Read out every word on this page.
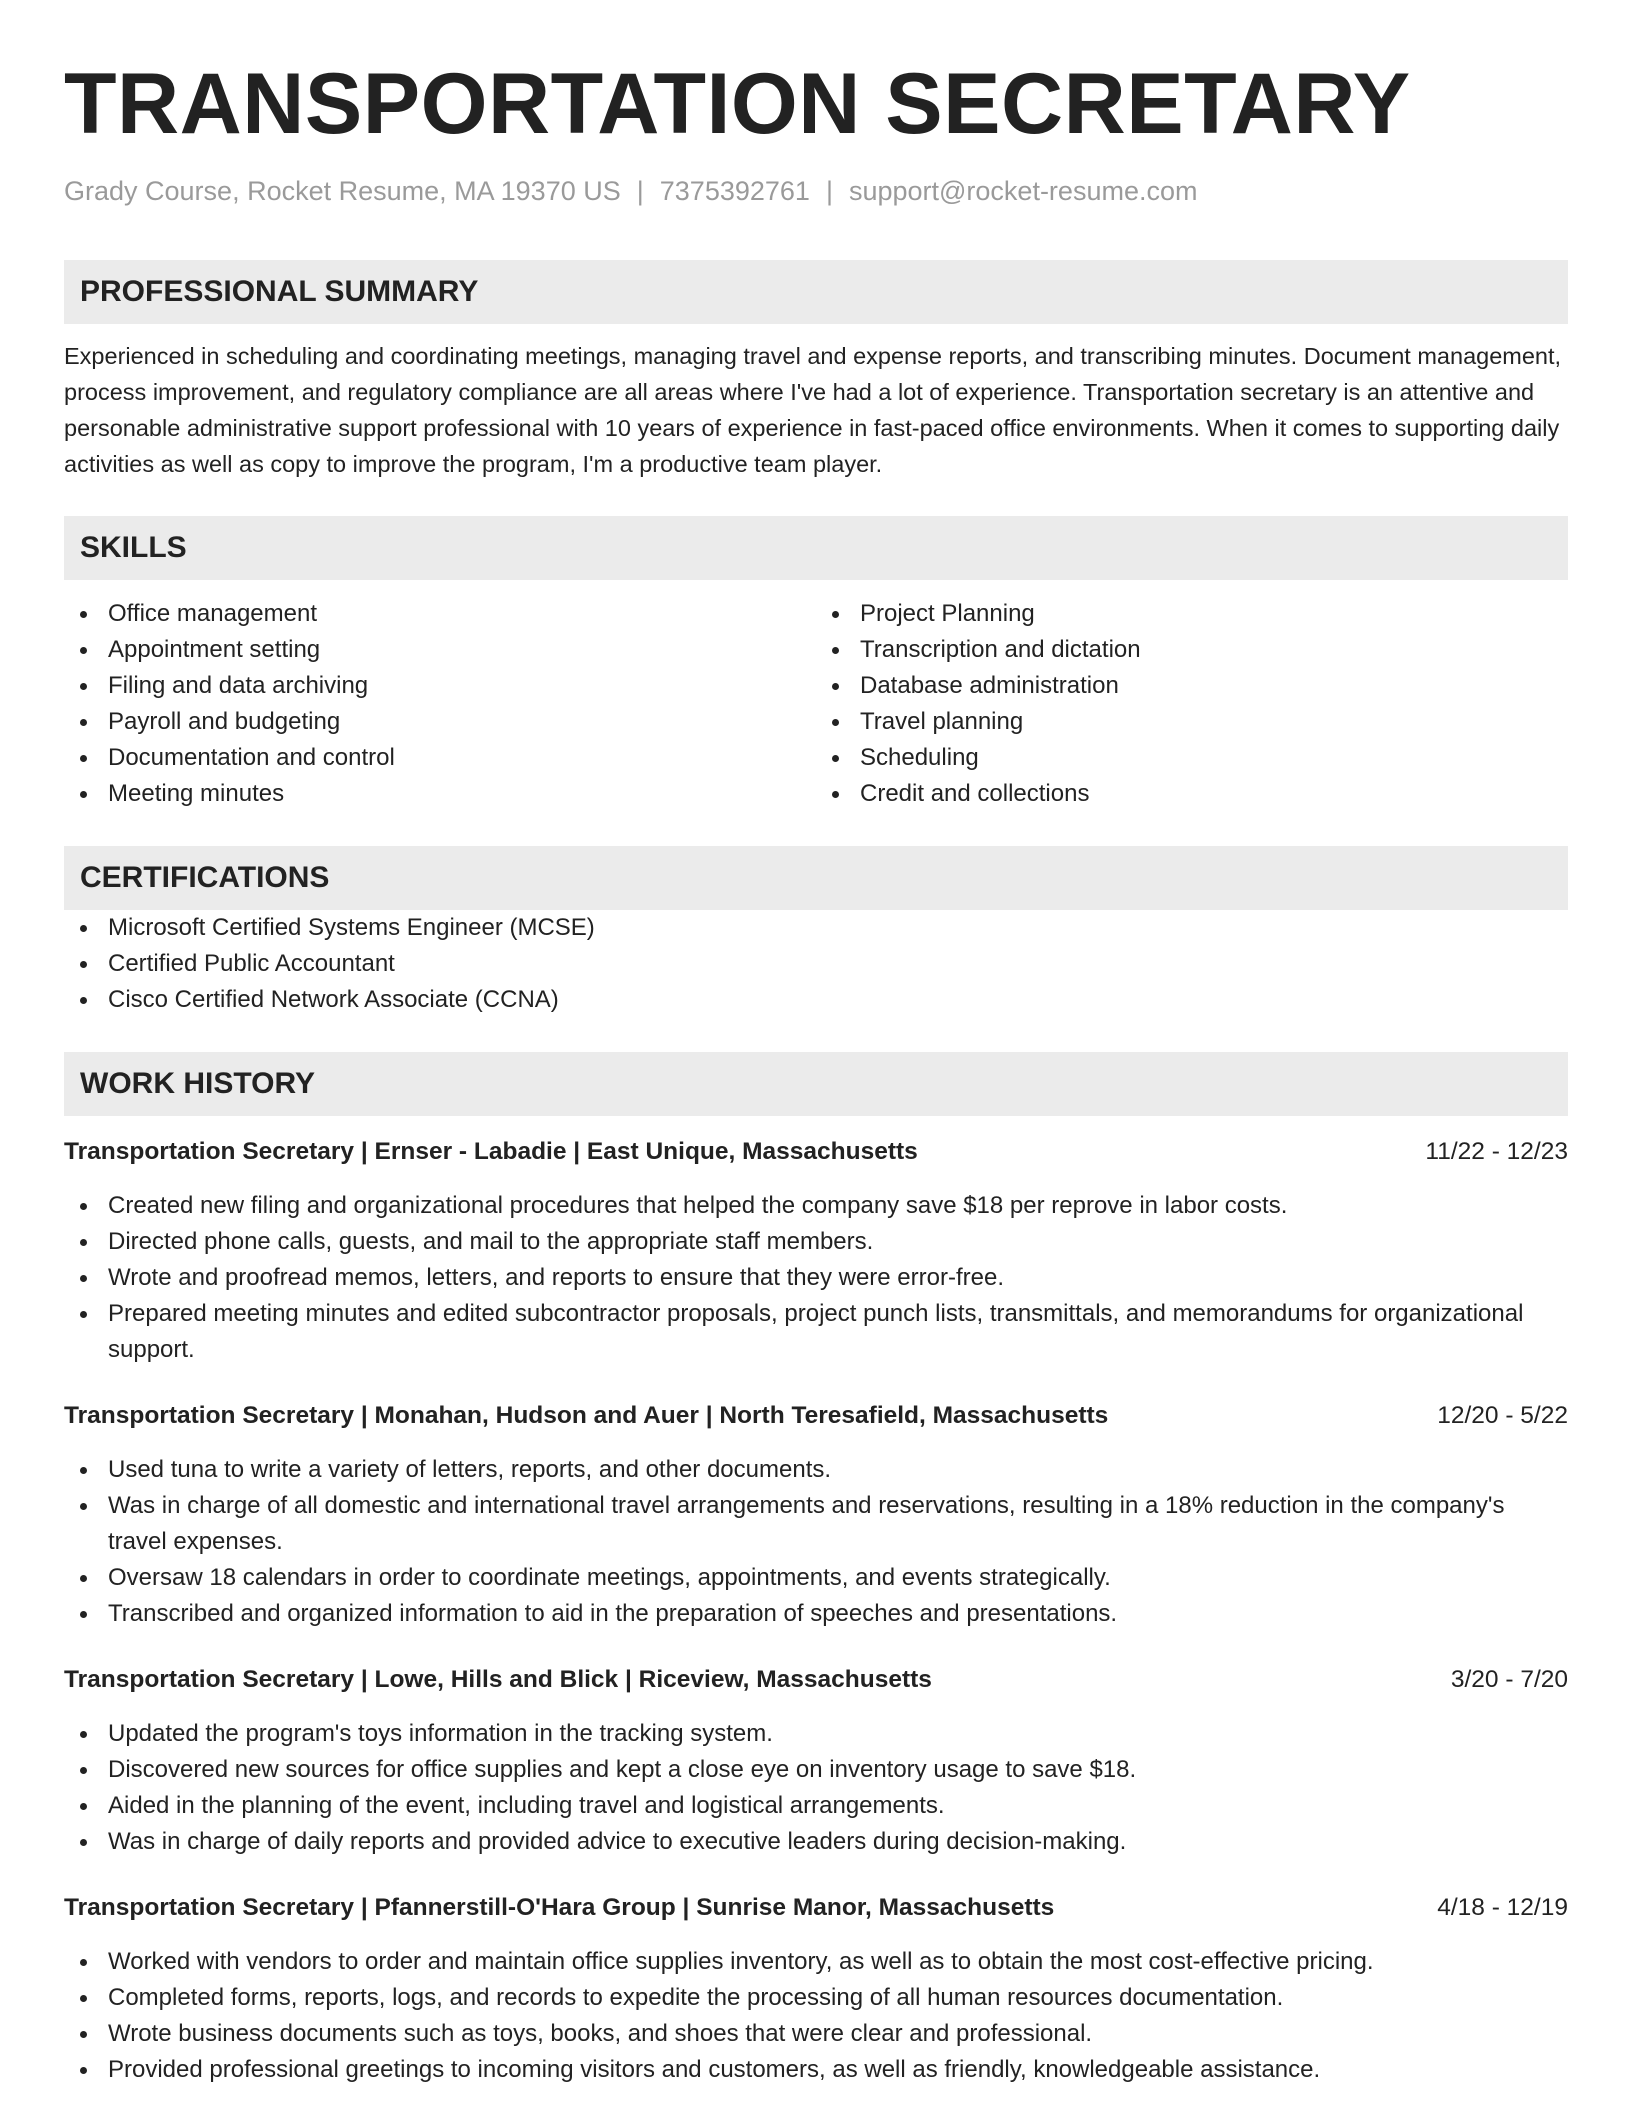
TRANSPORTATION SECRETARY
Grady Course, Rocket Resume, MA 19370 US | 7375392761 | support@rocket-resume.com
PROFESSIONAL SUMMARY
Experienced in scheduling and coordinating meetings, managing travel and expense reports, and transcribing minutes. Document management, process improvement, and regulatory compliance are all areas where I've had a lot of experience. Transportation secretary is an attentive and personable administrative support professional with 10 years of experience in fast-paced office environments. When it comes to supporting daily activities as well as copy to improve the program, I'm a productive team player.
SKILLS
Office management
Appointment setting
Filing and data archiving
Payroll and budgeting
Documentation and control
Meeting minutes
Project Planning
Transcription and dictation
Database administration
Travel planning
Scheduling
Credit and collections
CERTIFICATIONS
Microsoft Certified Systems Engineer (MCSE)
Certified Public Accountant
Cisco Certified Network Associate (CCNA)
WORK HISTORY
Transportation Secretary | Ernser - Labadie | East Unique, Massachusetts	11/22 - 12/23
Created new filing and organizational procedures that helped the company save $18 per reprove in labor costs.
Directed phone calls, guests, and mail to the appropriate staff members.
Wrote and proofread memos, letters, and reports to ensure that they were error-free.
Prepared meeting minutes and edited subcontractor proposals, project punch lists, transmittals, and memorandums for organizational support.
Transportation Secretary | Monahan, Hudson and Auer | North Teresafield, Massachusetts	12/20 - 5/22
Used tuna to write a variety of letters, reports, and other documents.
Was in charge of all domestic and international travel arrangements and reservations, resulting in a 18% reduction in the company's travel expenses.
Oversaw 18 calendars in order to coordinate meetings, appointments, and events strategically.
Transcribed and organized information to aid in the preparation of speeches and presentations.
Transportation Secretary | Lowe, Hills and Blick | Riceview, Massachusetts	3/20 - 7/20
Updated the program's toys information in the tracking system.
Discovered new sources for office supplies and kept a close eye on inventory usage to save $18.
Aided in the planning of the event, including travel and logistical arrangements.
Was in charge of daily reports and provided advice to executive leaders during decision-making.
Transportation Secretary | Pfannerstill-O'Hara Group | Sunrise Manor, Massachusetts	4/18 - 12/19
Worked with vendors to order and maintain office supplies inventory, as well as to obtain the most cost-effective pricing.
Completed forms, reports, logs, and records to expedite the processing of all human resources documentation.
Wrote business documents such as toys, books, and shoes that were clear and professional.
Provided professional greetings to incoming visitors and customers, as well as friendly, knowledgeable assistance.
